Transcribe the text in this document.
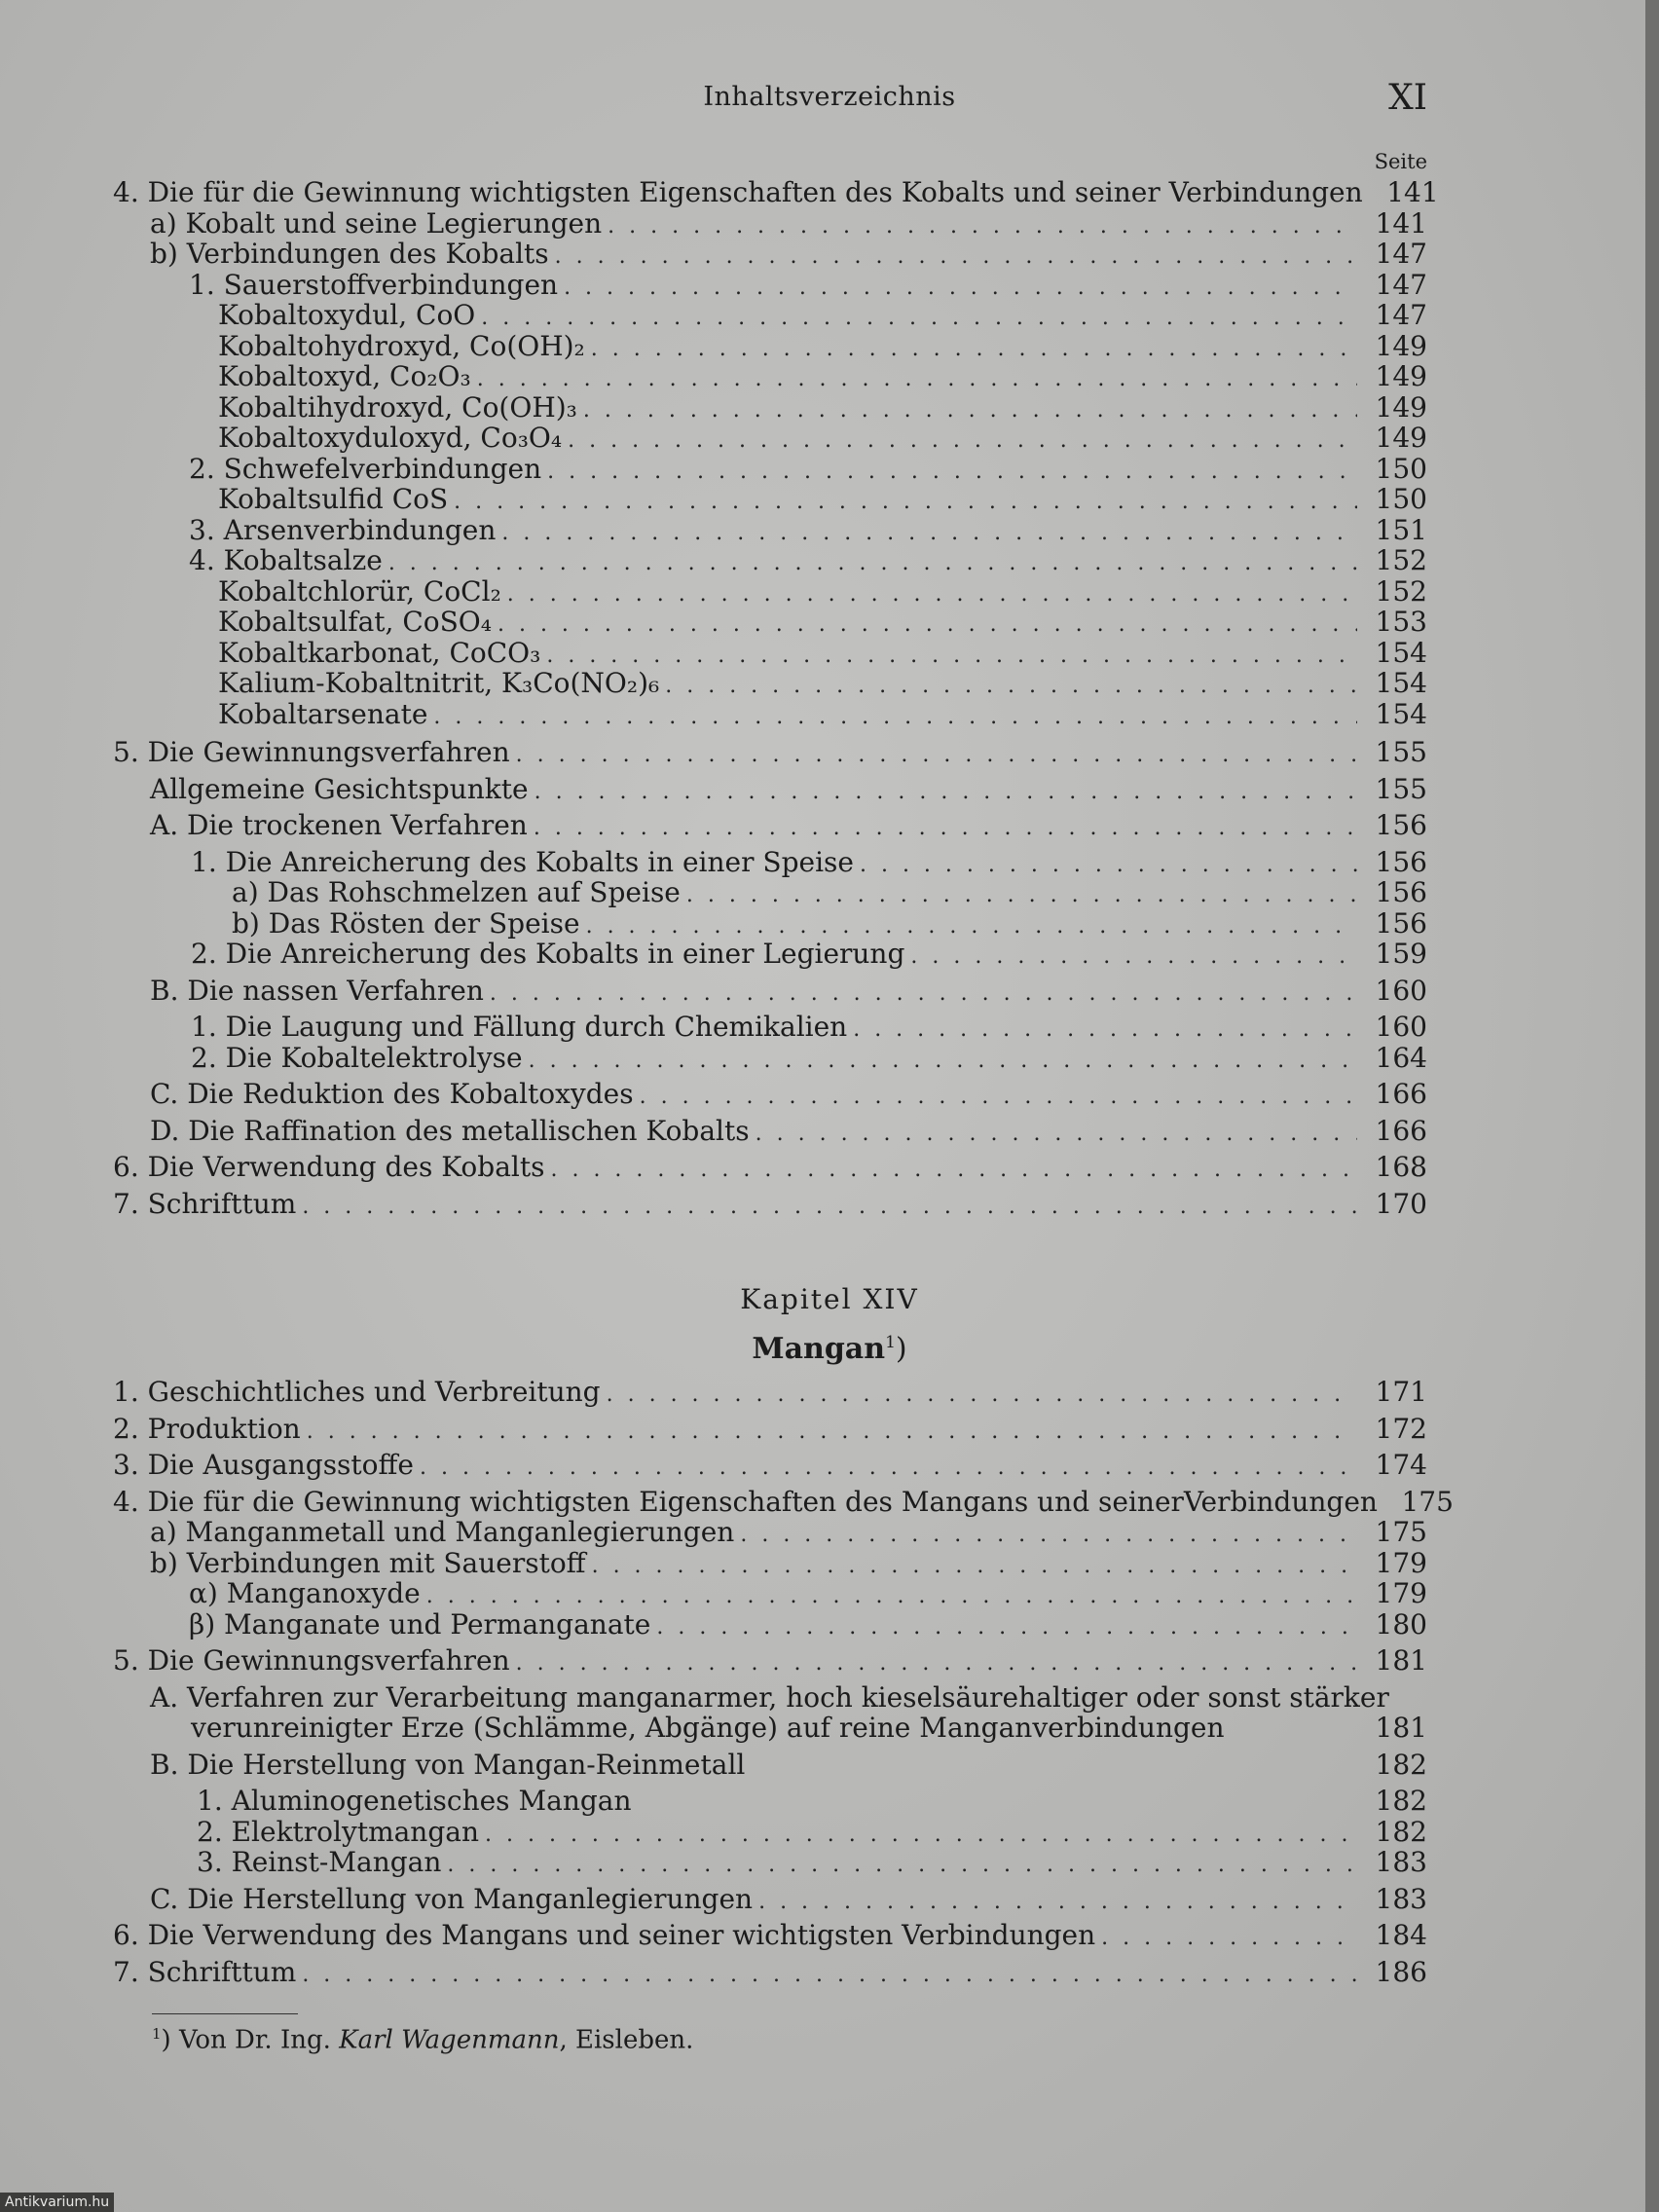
Inhaltsverzeichnis	XI
Seite
4. Die für die Gewinnung wichtigsten Eigenschaften des Kobalts und seiner Verbindungen 141
a) Kobalt und seine Legierungen . . .	141
b) Verbindungen des Kobalts . . .	147
1. Sauerstoffverbindungen . . .	147
Kobaltoxydul, CoO . . .	147
Kobaltohydroxyd, Co(OH)₂ . . .	149
Kobaltoxyd, Co₂O₃ . . .	149
Kobaltihydroxyd, Co(OH)₃ . . .	149
Kobaltoxyduloxyd, Co₃O₄ . . .	149
2. Schwefelverbindungen . . .	150
Kobaltsulfid CoS . . .	150
3. Arsenverbindungen . . .	151
4. Kobaltsalze . . .	152
Kobaltchlorür, CoCl₂ . . .	152
Kobaltsulfat, CoSO₄ . . .	153
Kobaltkarbonat, CoCO₃ . . .	154
Kalium-Kobaltnitrit, K₃Co(NO₂)₆ . . .	154
Kobaltarsenate . . .	154
5. Die Gewinnungsverfahren . . .	155
Allgemeine Gesichtspunkte . . .	155
A. Die trockenen Verfahren . . .	156
1. Die Anreicherung des Kobalts in einer Speise . . .	156
a) Das Rohschmelzen auf Speise . . .	156
b) Das Rösten der Speise . . .	156
2. Die Anreicherung des Kobalts in einer Legierung . . .	159
B. Die nassen Verfahren . . .	160
1. Die Laugung und Fällung durch Chemikalien . . .	160
2. Die Kobaltelektrolyse . . .	164
C. Die Reduktion des Kobaltoxydes . . .	166
D. Die Raffination des metallischen Kobalts . . .	166
6. Die Verwendung des Kobalts . . .	168
7. Schrifttum . . .	170
Kapitel XIV
Mangan$^1$)
1. Geschichtliches und Verbreitung . . .	171
2. Produktion . . .	172
3. Die Ausgangsstoffe . . .	174
4. Die für die Gewinnung wichtigsten Eigenschaften des Mangans und seinerVerbindungen 175
a) Manganmetall und Manganlegierungen . . .	175
b) Verbindungen mit Sauerstoff . . .	179
α) Manganoxyde . . .	179
β) Manganate und Permanganate . . .	180
5. Die Gewinnungsverfahren . . .	181
A. Verfahren zur Verarbeitung manganarmer, hoch kieselsäurehaltiger oder sonst stärker
verunreinigter Erze (Schlämme, Abgänge) auf reine Manganverbindungen	181
B. Die Herstellung von Mangan-Reinmetall	182
1. Aluminogenetisches Mangan	182
2. Elektrolytmangan . . .	182
3. Reinst-Mangan . . .	183
C. Die Herstellung von Manganlegierungen . . .	183
6. Die Verwendung des Mangans und seiner wichtigsten Verbindungen . . .	184
7. Schrifttum . . .	186
$^1$) Von Dr. Ing. Karl Wagenmann, Eisleben.
Antikvarium.hu
